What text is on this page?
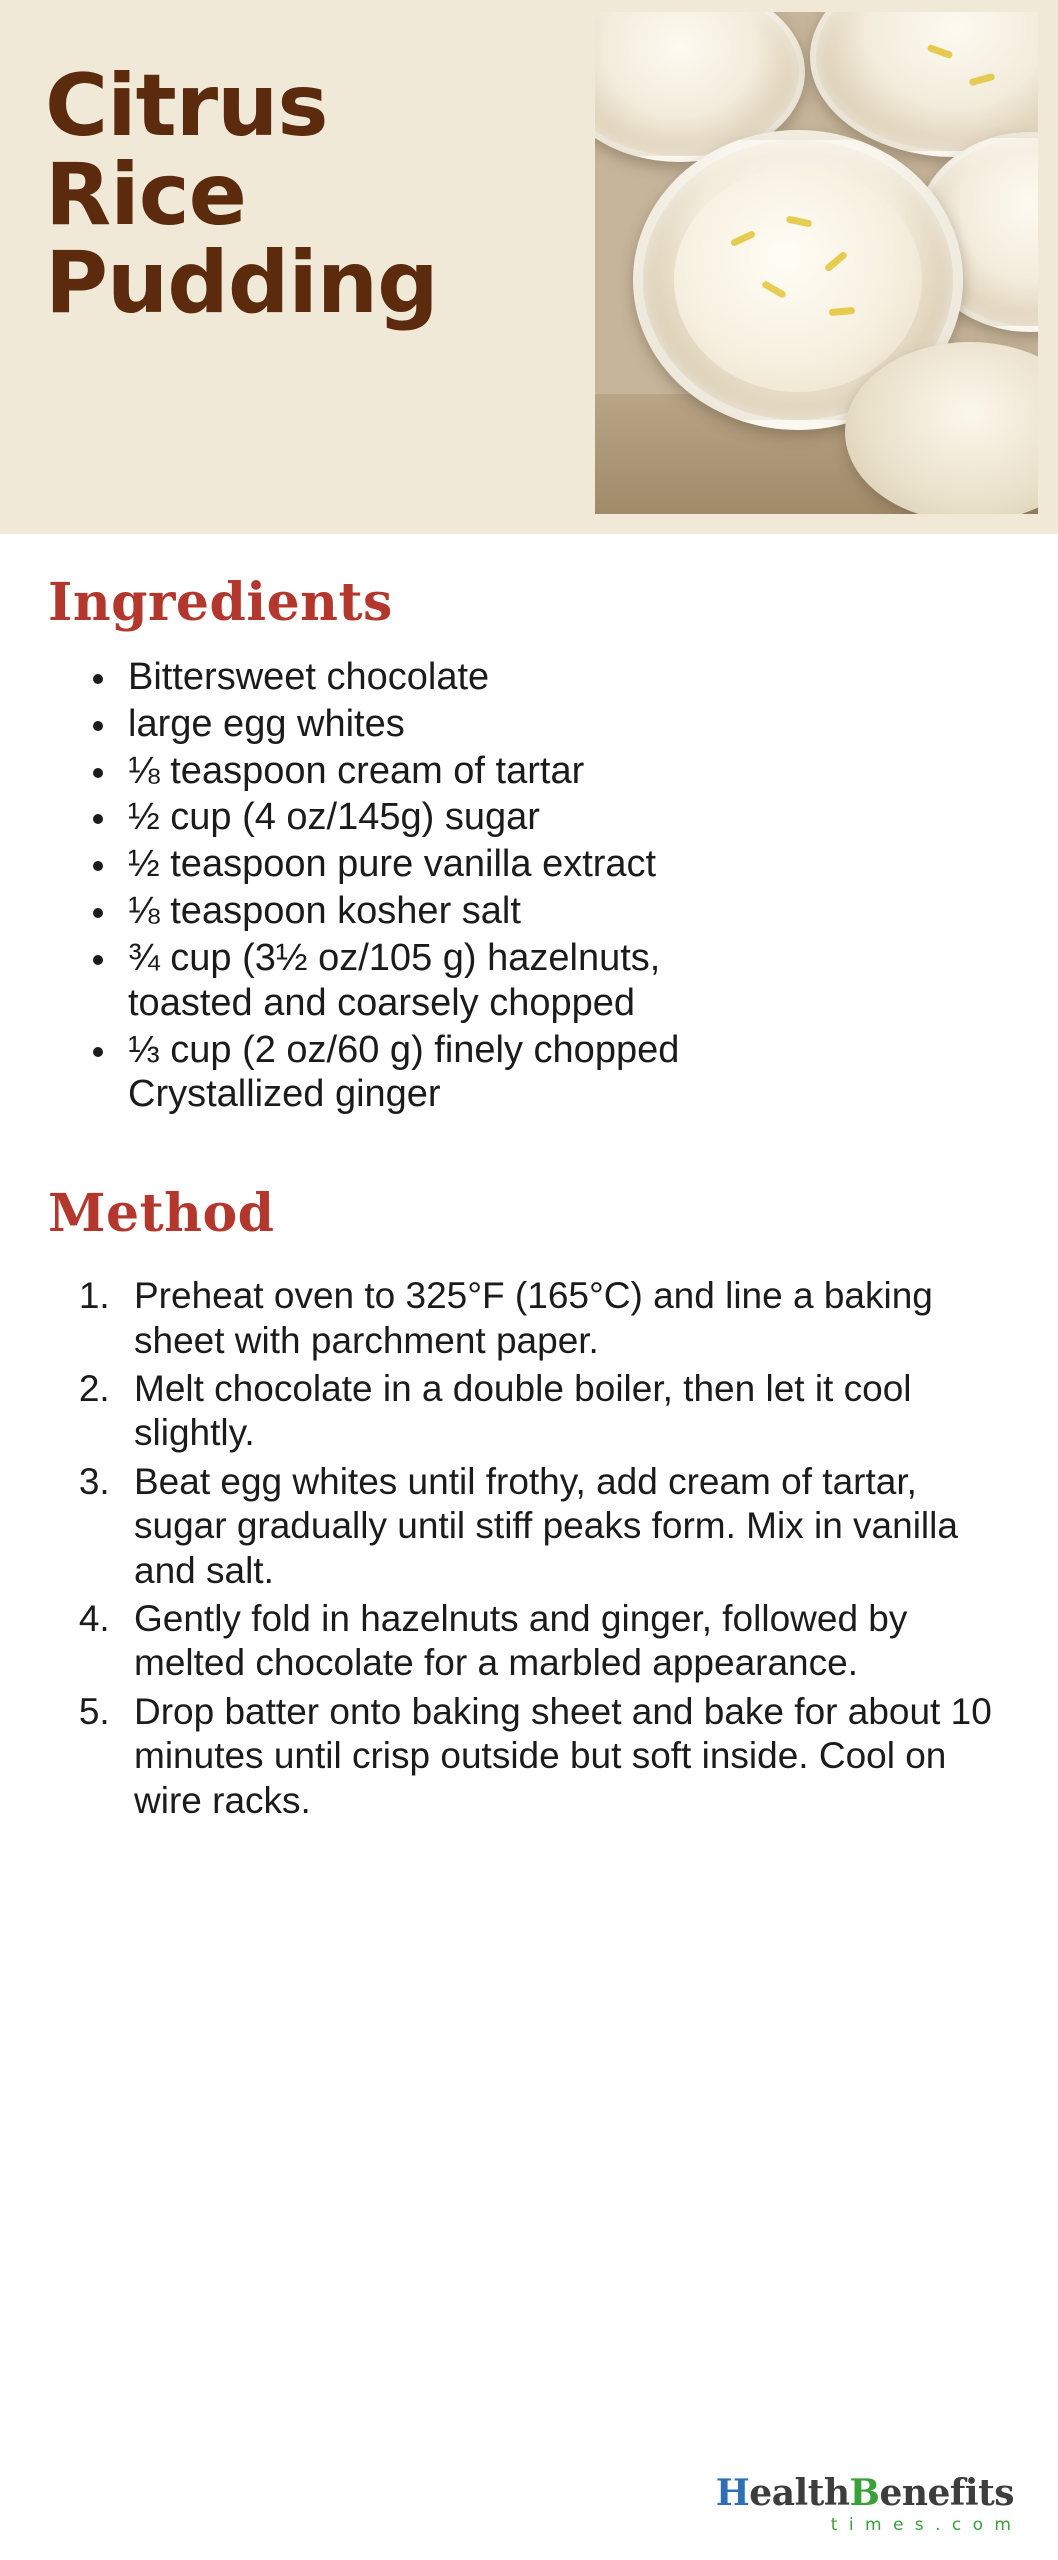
Citrus
Rice
Pudding
Ingredients
• Bittersweet chocolate
• large egg whites
• ⅛ teaspoon cream of tartar
• ½ cup (4 oz/145g) sugar
• ½ teaspoon pure vanilla extract
• ⅛ teaspoon kosher salt
• ¾ cup (3½ oz/105 g) hazelnuts, toasted and coarsely chopped
• ⅓ cup (2 oz/60 g) finely chopped Crystallized ginger
Method
1. Preheat oven to 325°F (165°C) and line a baking sheet with parchment paper.
2. Melt chocolate in a double boiler, then let it cool slightly.
3. Beat egg whites until frothy, add cream of tartar, sugar gradually until stiff peaks form. Mix in vanilla and salt.
4. Gently fold in hazelnuts and ginger, followed by melted chocolate for a marbled appearance.
5. Drop batter onto baking sheet and bake for about 10 minutes until crisp outside but soft inside. Cool on wire racks.
HealthBenefits
t i m e s . c o m
